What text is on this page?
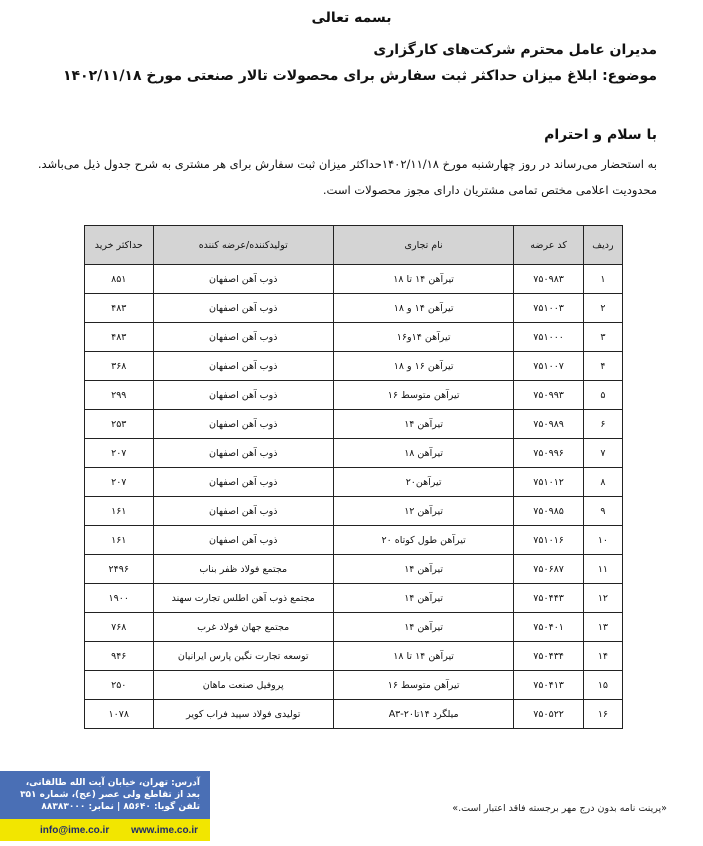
بسمه تعالی
مدیران عامل محترم شرکت‌های کارگزاری
موضوع: ابلاغ میزان حداکثر ثبت سفارش برای محصولات تالار صنعتی مورخ ۱۴۰۲/۱۱/۱۸
با سلام و احترام
به استحضار می‌رساند در روز چهارشنبه مورخ ۱۴۰۲/۱۱/۱۸حداکثر میزان ثبت سفارش برای هر مشتری به شرح جدول ذیل می‌باشد.
محدودیت اعلامی مختص تمامی مشتریان دارای مجوز محصولات است.
ردیف	کد عرضه	نام تجاری	تولیدکننده/عرضه کننده	حداکثر خرید
۱	۷۵۰۹۸۳	تیرآهن ۱۴ تا ۱۸	ذوب آهن اصفهان	۸۵۱
۲	۷۵۱۰۰۳	تیرآهن ۱۴ و ۱۸	ذوب آهن اصفهان	۴۸۳
۳	۷۵۱۰۰۰	تیرآهن ۱۴و۱۶	ذوب آهن اصفهان	۴۸۳
۴	۷۵۱۰۰۷	تیرآهن ۱۶ و ۱۸	ذوب آهن اصفهان	۳۶۸
۵	۷۵۰۹۹۳	تیرآهن متوسط ۱۶	ذوب آهن اصفهان	۲۹۹
۶	۷۵۰۹۸۹	تیرآهن ۱۴	ذوب آهن اصفهان	۲۵۳
۷	۷۵۰۹۹۶	تیرآهن ۱۸	ذوب آهن اصفهان	۲۰۷
۸	۷۵۱۰۱۲	تیرآهن۲۰	ذوب آهن اصفهان	۲۰۷
۹	۷۵۰۹۸۵	تیرآهن ۱۲	ذوب آهن اصفهان	۱۶۱
۱۰	۷۵۱۰۱۶	تیرآهن طول کوتاه ۲۰	ذوب آهن اصفهان	۱۶۱
۱۱	۷۵۰۶۸۷	تیرآهن ۱۴	مجتمع فولاد ظفر بناب	۲۴۹۶
۱۲	۷۵۰۴۴۳	تیرآهن ۱۴	مجتمع ذوب آهن اطلس تجارت سهند	۱۹۰۰
۱۳	۷۵۰۴۰۱	تیرآهن ۱۴	مجتمع جهان فولاد غرب	۷۶۸
۱۴	۷۵۰۴۳۴	تیرآهن ۱۴ تا ۱۸	توسعه تجارت نگین پارس ایرانیان	۹۴۶
۱۵	۷۵۰۴۱۳	تیرآهن متوسط ۱۶	پروفیل صنعت ماهان	۲۵۰
۱۶	۷۵۰۵۲۲	میلگرد ۱۴تا۲۰-A۳	تولیدی فولاد سپید فراب کویر	۱۰۷۸
«پرینت نامه بدون درج مهر برجسته فاقد اعتبار است.»
آدرس: تهران، خیابان آیت الله طالقانی،
بعد از تقاطع ولی عصر (عج)، شماره ۳۵۱
تلفن گویا: ۸۵۶۴۰ | نمابر: ۸۸۳۸۳۰۰۰
info@ime.co.ir www.ime.co.ir
